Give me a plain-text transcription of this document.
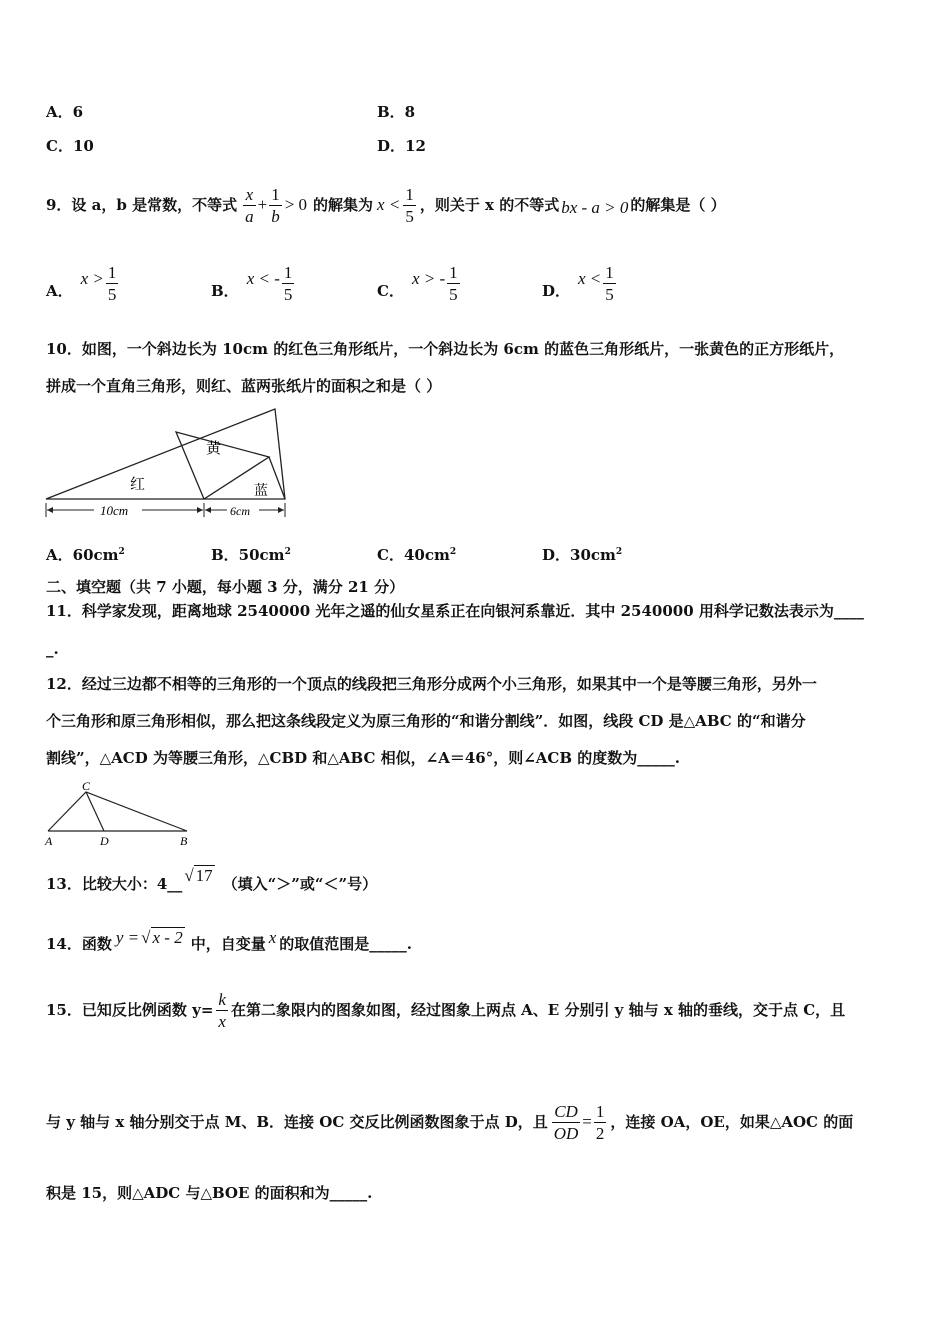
A．6	B．8
C．10	D．12
9．设 a，b 是常数，不等式 $\frac{x}{a} + \frac{1}{b} > 0$ 的解集为 $x < \frac{1}{5}$ ，则关于 x 的不等式 bx - a > 0 的解集是（ ）
A．
$x > \frac{1}{5}$	B．
x < - $\frac{1}{5}$	C．
x > - $\frac{1}{5}$	D．
$x < \frac{1}{5}$
10．如图，一个斜边长为 10cm 的红色三角形纸片，一个斜边长为 6cm 的蓝色三角形纸片，一张黄色的正方形纸片，
拼成一个直角三角形，则红、蓝两张纸片的面积之和是（ ）
黄
红	蓝
10cm	6cm
A．$60cm^2$	B．$50cm^2$	C．$40cm^2$	D．$30cm^2$
二、填空题（共 7 小题，每小题 3 分，满分 21 分）
11．科学家发现，距离地球 2540000 光年之遥的仙女星系正在向银河系靠近．其中 2540000 用科学记数法表示为____
_.
12．经过三边都不相等的三角形的一个顶点的线段把三角形分成两个小三角形，如果其中一个是等腰三角形，另外一
个三角形和原三角形相似，那么把这条线段定义为原三角形的“和谐分割线”．如图，线段 CD 是△ABC 的“和谐分
割线”，△ACD 为等腰三角形，△CBD 和△ABC 相似，∠A＝46°，则∠ACB 的度数为_____.
C
A	D	B
13．比较大小：4__ √ 17 （填入“＞”或“＜”号）
14．函数 y = √ x - 2 中，自变量 x 的取值范围是_____.
15．已知反比例函数 $y= \frac{k}{x}$ 在第二象限内的图象如图，经过图象上两点 A、E 分别引 y 轴与 x 轴的垂线，交于点 C，且
与 y 轴与 x 轴分别交于点 M、B．连接 OC 交反比例函数图象于点 D，且 $\frac{CD}{OD} = \frac{1}{2}$ ，连接 OA，OE，如果△AOC 的面
积是 15，则△ADC 与△BOE 的面积和为_____.
